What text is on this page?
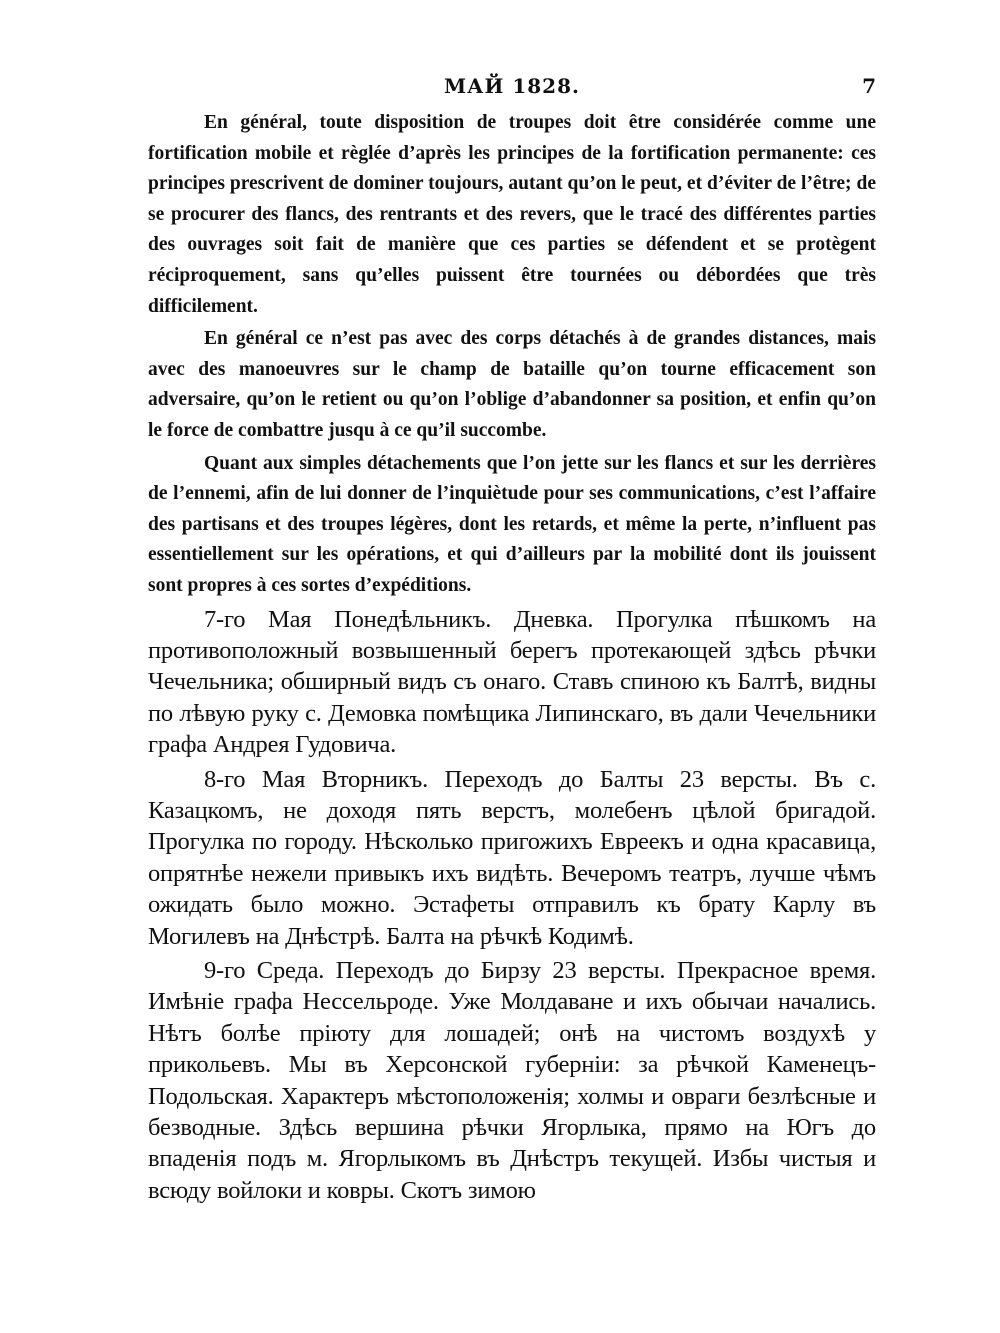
МАЙ 1828.	7

En général, toute disposition de troupes doit être considérée comme une fortification mobile et règlée d’après les principes de la fortification permanente: ces principes prescrivent de dominer toujours, autant qu’on le peut, et d’éviter de l’être; de se procurer des flancs, des rentrants et des revers, que le tracé des différentes parties des ouvrages soit fait de manière que ces parties se défendent et se protègent réciproquement, sans qu’elles puissent être tournées ou débordées que très difficilement.

En général ce n’est pas avec des corps détachés à de grandes distances, mais avec des manoeuvres sur le champ de bataille qu’on tourne efficacement son adversaire, qu’on le retient ou qu’on l’oblige d’abandonner sa position, et enfin qu’on le force de combattre jusqu à ce qu’il succombe.

Quant aux simples détachements que l’on jette sur les flancs et sur les derrières de l’ennemi, afin de lui donner de l’inquiètude pour ses communications, c’est l’affaire des partisans et des troupes légères, dont les retards, et même la perte, n’influent pas essentiellement sur les opérations, et qui d’ailleurs par la mobilité dont ils jouissent sont propres à ces sortes d’expéditions.

7-го Мая Понедѣльникъ. Дневка. Прогулка пѣшкомъ на противоположный возвышенный берегъ протекающей здѣсь рѣчки Чечельника; обширный видъ съ онаго. Ставъ спиною къ Балтѣ, видны по лѣвую руку с. Демовка помѣщика Липинскаго, въ дали Чечельники графа Андрея Гудовича.

8-го Мая Вторникъ. Переходъ до Балты 23 версты. Въ с. Казацкомъ, не доходя пять верстъ, молебенъ цѣлой бригадой. Прогулка по городу. Нѣсколько пригожихъ Евреекъ и одна красавица, опрятнѣе нежели привыкъ ихъ видѣть. Вечеромъ театръ, лучше чѣмъ ожидать было можно. Эстафеты отправилъ къ брату Карлу въ Могилевъ на Днѣстрѣ. Балта на рѣчкѣ Кодимѣ.

9-го Среда. Переходъ до Бирзу 23 версты. Прекрасное время. Имѣніе графа Нессельроде. Уже Молдаване и ихъ обычаи начались. Нѣтъ болѣе пріюту для лошадей; онѣ на чистомъ воздухѣ у прикольевъ. Мы въ Херсонской губерніи: за рѣчкой Каменецъ-Подольская. Характеръ мѣстоположенія; холмы и овраги безлѣсные и безводные. Здѣсь вершина рѣчки Ягорлыка, прямо на Югъ до впаденія подъ м. Ягорлыкомъ въ Днѣстръ текущей. Избы чистыя и всюду войлоки и ковры. Скотъ зимою
